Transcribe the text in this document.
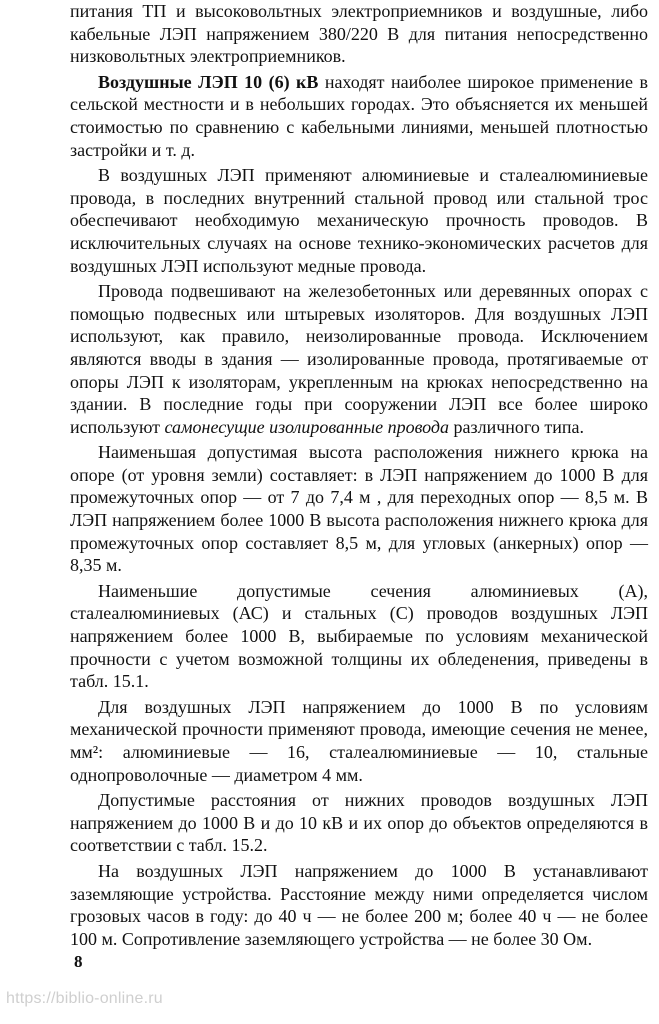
питания ТП и высоковольтных электроприемников и воздушные, либо кабельные ЛЭП напряжением 380/220 В для питания непосредственно низковольтных электроприемников.

Воздушные ЛЭП 10 (6) кВ находят наиболее широкое применение в сельской местности и в небольших городах. Это объясняется их меньшей стоимостью по сравнению с кабельными линиями, меньшей плотностью застройки и т. д.

В воздушных ЛЭП применяют алюминиевые и сталеалюминиевые провода, в последних внутренний стальной провод или стальной трос обеспечивают необходимую механическую прочность проводов. В исключительных случаях на основе технико-экономических расчетов для воздушных ЛЭП используют медные провода.

Провода подвешивают на железобетонных или деревянных опорах с помощью подвесных или штыревых изоляторов. Для воздушных ЛЭП используют, как правило, неизолированные провода. Исключением являются вводы в здания — изолированные провода, протягиваемые от опоры ЛЭП к изоляторам, укрепленным на крюках непосредственно на здании. В последние годы при сооружении ЛЭП все более широко используют самонесущие изолированные провода различного типа.

Наименьшая допустимая высота расположения нижнего крюка на опоре (от уровня земли) составляет: в ЛЭП напряжением до 1000 В для промежуточных опор — от 7 до 7,4 м , для переходных опор — 8,5 м. В ЛЭП напряжением более 1000 В высота расположения нижнего крюка для промежуточных опор составляет 8,5 м, для угловых (анкерных) опор — 8,35 м.

Наименьшие допустимые сечения алюминиевых (А), сталеалюминиевых (АС) и стальных (С) проводов воздушных ЛЭП напряжением более 1000 В, выбираемые по условиям механической прочности с учетом возможной толщины их обледенения, приведены в табл. 15.1.

Для воздушных ЛЭП напряжением до 1000 В по условиям механической прочности применяют провода, имеющие сечения не менее, мм²: алюминиевые — 16, сталеалюминиевые — 10, стальные однопроволочные — диаметром 4 мм.

Допустимые расстояния от нижних проводов воздушных ЛЭП напряжением до 1000 В и до 10 кВ и их опор до объектов определяются в соответствии с табл. 15.2.

На воздушных ЛЭП напряжением до 1000 В устанавливают заземляющие устройства. Расстояние между ними определяется числом грозовых часов в году: до 40 ч — не более 200 м; более 40 ч — не более 100 м. Сопротивление заземляющего устройства — не более 30 Ом.

8
https://biblio-online.ru
